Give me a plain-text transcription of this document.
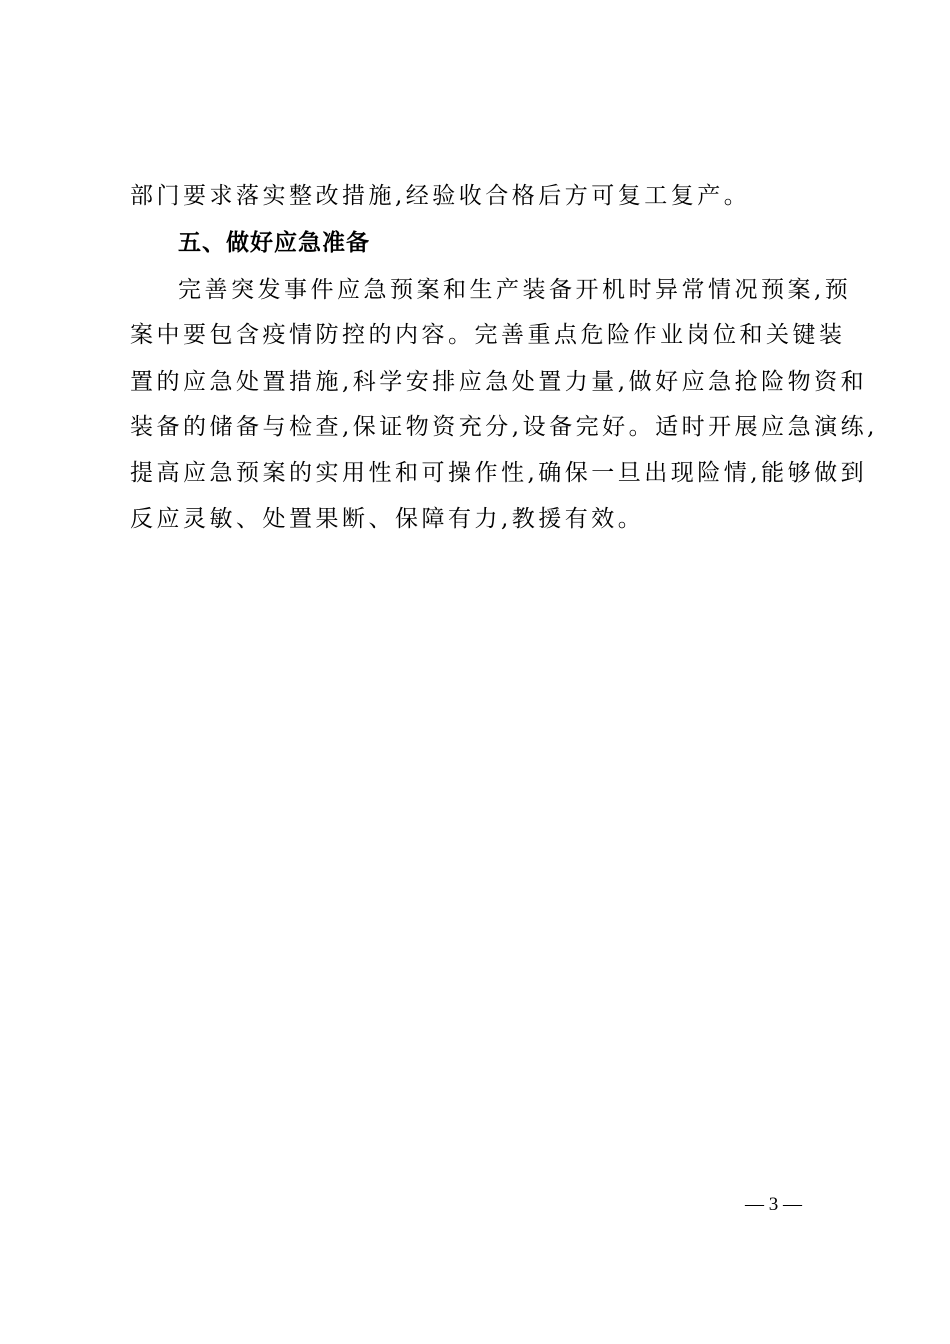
部门要求落实整改措施,经验收合格后方可复工复产。
五、做好应急准备
完善突发事件应急预案和生产装备开机时异常情况预案,预
案中要包含疫情防控的内容。完善重点危险作业岗位和关键装
置的应急处置措施,科学安排应急处置力量,做好应急抢险物资和
装备的储备与检查,保证物资充分,设备完好。适时开展应急演练,
提高应急预案的实用性和可操作性,确保一旦出现险情,能够做到
反应灵敏、处置果断、保障有力,教援有效。
— 3 —
